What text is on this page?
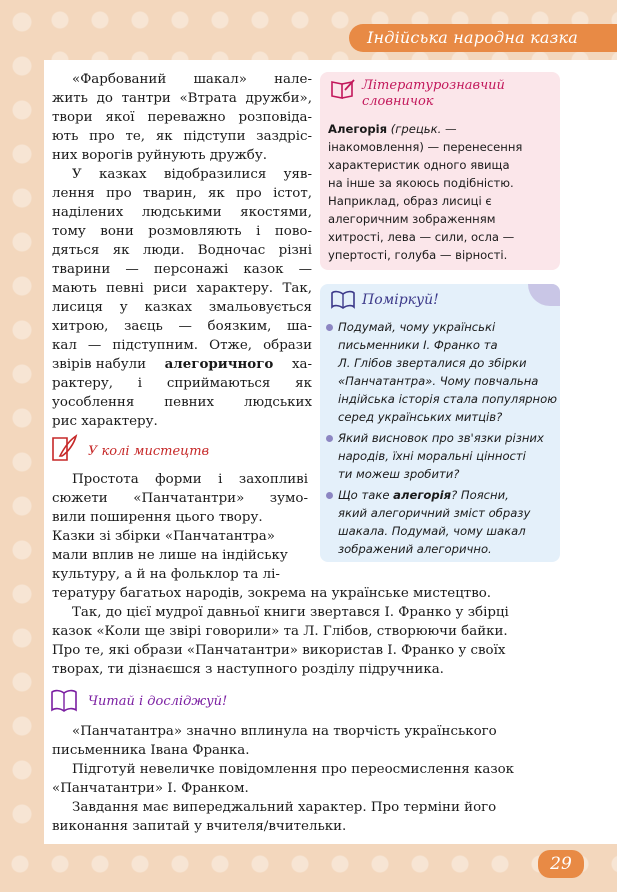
Індійська народна казка
«Фарбований шакал» нале-
жить до тантри «Втрата дружби»,
твори якої переважно розповіда-
ють про те, як підступи заздріс-
них ворогів руйнують дружбу.
У казках відобразилися уяв-
лення про тварин, як про істот,
наділених людськими якостями,
тому вони розмовляють і пово-
дяться як люди. Водночас різні
тварини — персонажі казок —
мають певні риси характеру. Так,
лисиця у казках змальовується
хитрою, заєць — боязким, ша-
кал — підступним. Отже, образи
звірів набули алегоричного ха-
рактеру, і сприймаються як
уособлення певних людських
рис характеру.
Літературознавчий
словничок
Алегорія (грецьк. —
інакомовлення) — перенесення
характеристик одного явища
на інше за якоюсь подібністю.
Наприклад, образ лисиці є
алегоричним зображенням
хитрості, лева — сили, осла —
упертості, голуба — вірності.
Поміркуй!
Подумай, чому українські
письменники І. Франко та
Л. Глібов зверталися до збірки
«Панчатантра». Чому повчальна
індійська історія стала популярною
серед українських митців?
Який висновок про зв'язки різних
народів, їхні моральні цінності
ти можеш зробити?
Що таке алегорія? Поясни,
який алегоричний зміст образу
шакала. Подумай, чому шакал
зображений алегорично.
У колі мистецтв
Простота форми і захопливі
сюжети «Панчатантри» зумо-
вили поширення цього твору.
Казки зі збірки «Панчатантра»
мали вплив не лише на індійську
культуру, а й на фольклор та лі-
тературу багатьох народів, зокрема на українське мистецтво.
Так, до цієї мудрої давньої книги звертався І. Франко у збірці
казок «Коли ще звірі говорили» та Л. Глібов, створюючи байки.
Про те, які образи «Панчатантри» використав І. Франко у своїх
творах, ти дізнаєшся з наступного розділу підручника.
Читай і досліджуй!
«Панчатантра» значно вплинула на творчість українського
письменника Івана Франка.
Підготуй невеличке повідомлення про переосмислення казок
«Панчатантри» І. Франком.
Завдання має випереджальний характер. Про терміни його
виконання запитай у вчителя/вчительки.
29
